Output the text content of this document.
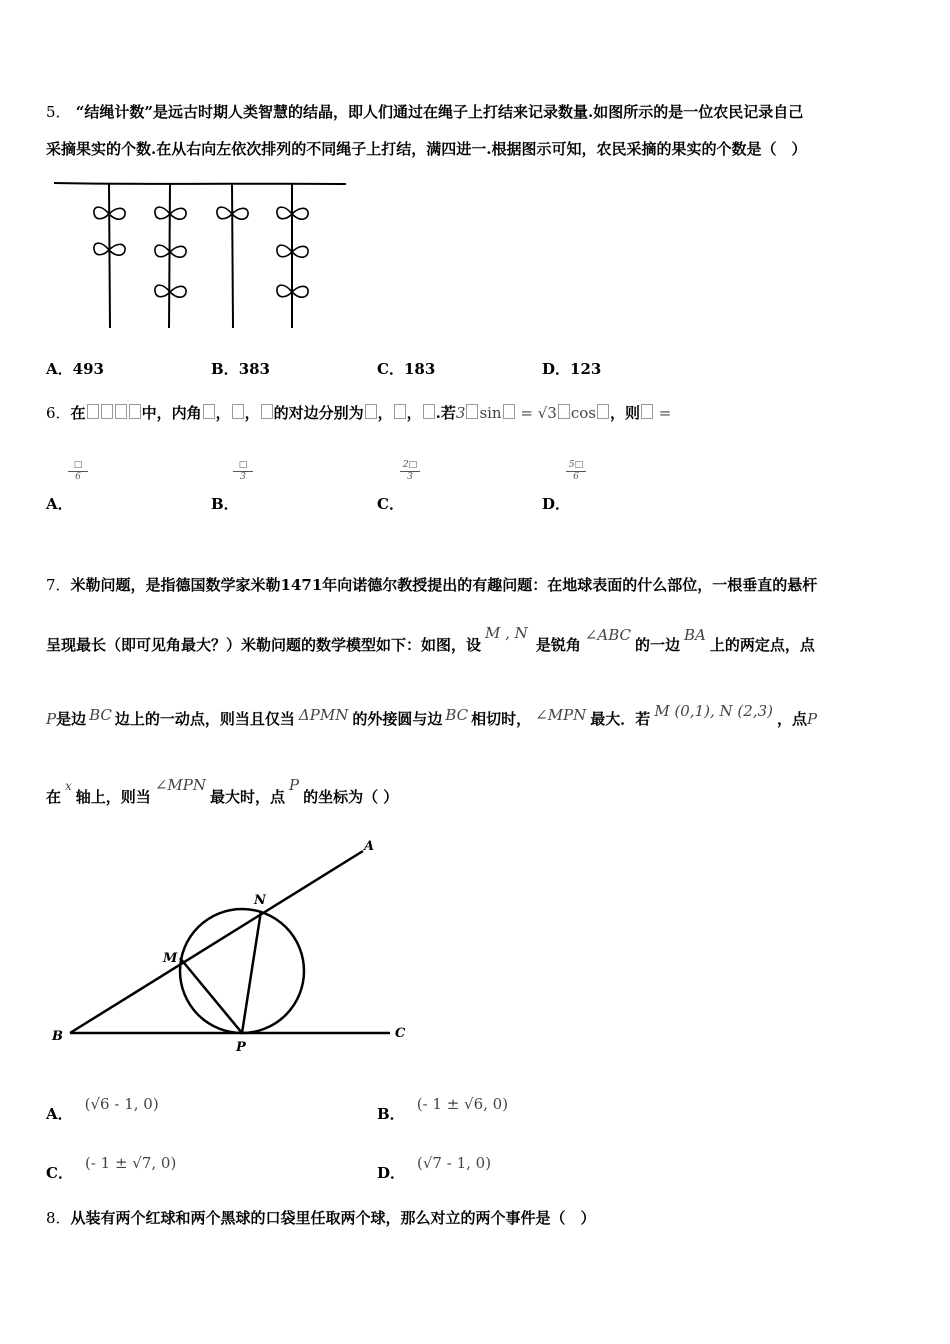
5． “结绳计数”是远古时期人类智慧的结晶，即人们通过在绳子上打结来记录数量.如图所示的是一位农民记录自己
采摘果实的个数.在从右向左依次排列的不同绳子上打结，满四进一.根据图示可知，农民采摘的果实的个数是（　）
A．493	B．383	C．183	D．123
6．在	中，内角 ， ， 的对边分别为 ， ， .若3 sin = √3 cos ，则 =
A．
□
6
B．
□
3
C．
$\frac{2□}{3}$
D．
$\frac{5□}{6}$
7．米勒问题，是指德国数学家米勒1471年向诺德尔教授提出的有趣问题：在地球表面的什么部位，一根垂直的悬杆
呈现最长（即可见角最大？）米勒问题的数学模型如下：如图，设M , N是锐角∠ABC的一边BA上的两定点，点
P是边 BC 边上的一动点，则当且仅当 ΔPMN 的外接圆与边 BC 相切时， ∠MPN 最大．若 M (0,1), N (2,3) ，点P
在$^x$轴上，则当∠MPN最大时，点P的坐标为（ ）
A
N
M
B
P
C
A．(√6 - 1, 0)
B．(- 1 ± √6, 0)
C．(- 1 ± √7, 0)
D．(√7 - 1, 0)
8．从装有两个红球和两个黑球的口袋里任取两个球，那么对立的两个事件是（　）
